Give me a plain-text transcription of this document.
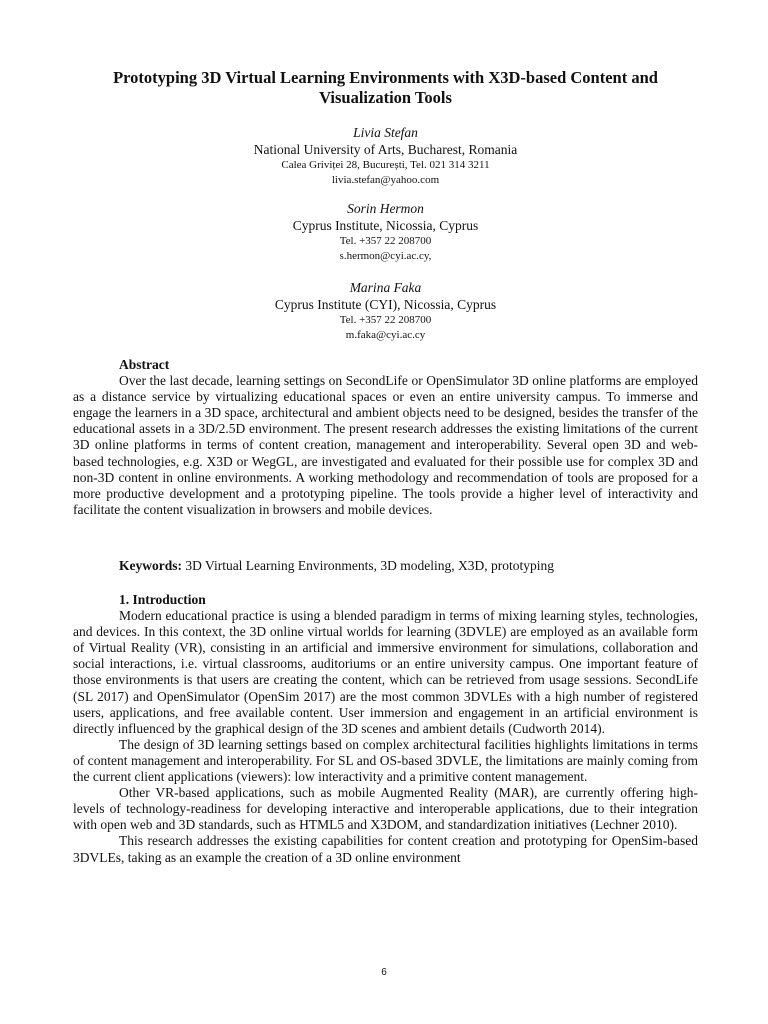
Prototyping 3D Virtual Learning Environments with X3D-based Content and Visualization Tools
Livia Stefan
National University of Arts, Bucharest, Romania
Calea Griviței 28, București, Tel. 021 314 3211
livia.stefan@yahoo.com
Sorin Hermon
Cyprus Institute, Nicossia, Cyprus
Tel. +357 22 208700
s.hermon@cyi.ac.cy,
Marina Faka
Cyprus Institute (CYI), Nicossia, Cyprus
Tel. +357 22 208700
m.faka@cyi.ac.cy
Abstract

Over the last decade, learning settings on SecondLife or OpenSimulator 3D online platforms are employed as a distance service by virtualizing educational spaces or even an entire university campus. To immerse and engage the learners in a 3D space, architectural and ambient objects need to be designed, besides the transfer of the educational assets in a 3D/2.5D environment. The present research addresses the existing limitations of the current 3D online platforms in terms of content creation, management and interoperability. Several open 3D and web-based technologies, e.g. X3D or WegGL, are investigated and evaluated for their possible use for complex 3D and non-3D content in online environments. A working methodology and recommendation of tools are proposed for a more productive development and a prototyping pipeline. The tools provide a higher level of interactivity and facilitate the content visualization in browsers and mobile devices.

Keywords: 3D Virtual Learning Environments, 3D modeling, X3D, prototyping
1. Introduction

Modern educational practice is using a blended paradigm in terms of mixing learning styles, technologies, and devices. In this context, the 3D online virtual worlds for learning (3DVLE) are employed as an available form of Virtual Reality (VR), consisting in an artificial and immersive environment for simulations, collaboration and social interactions, i.e. virtual classrooms, auditoriums or an entire university campus. One important feature of those environments is that users are creating the content, which can be retrieved from usage sessions. SecondLife (SL 2017) and OpenSimulator (OpenSim 2017) are the most common 3DVLEs with a high number of registered users, applications, and free available content. User immersion and engagement in an artificial environment is directly influenced by the graphical design of the 3D scenes and ambient details (Cudworth 2014).

The design of 3D learning settings based on complex architectural facilities highlights limitations in terms of content management and interoperability. For SL and OS-based 3DVLE, the limitations are mainly coming from the current client applications (viewers): low interactivity and a primitive content management.

Other VR-based applications, such as mobile Augmented Reality (MAR), are currently offering high-levels of technology-readiness for developing interactive and interoperable applications, due to their integration with open web and 3D standards, such as HTML5 and X3DOM, and standardization initiatives (Lechner 2010).

This research addresses the existing capabilities for content creation and prototyping for OpenSim-based 3DVLEs, taking as an example the creation of a 3D online environment

6
